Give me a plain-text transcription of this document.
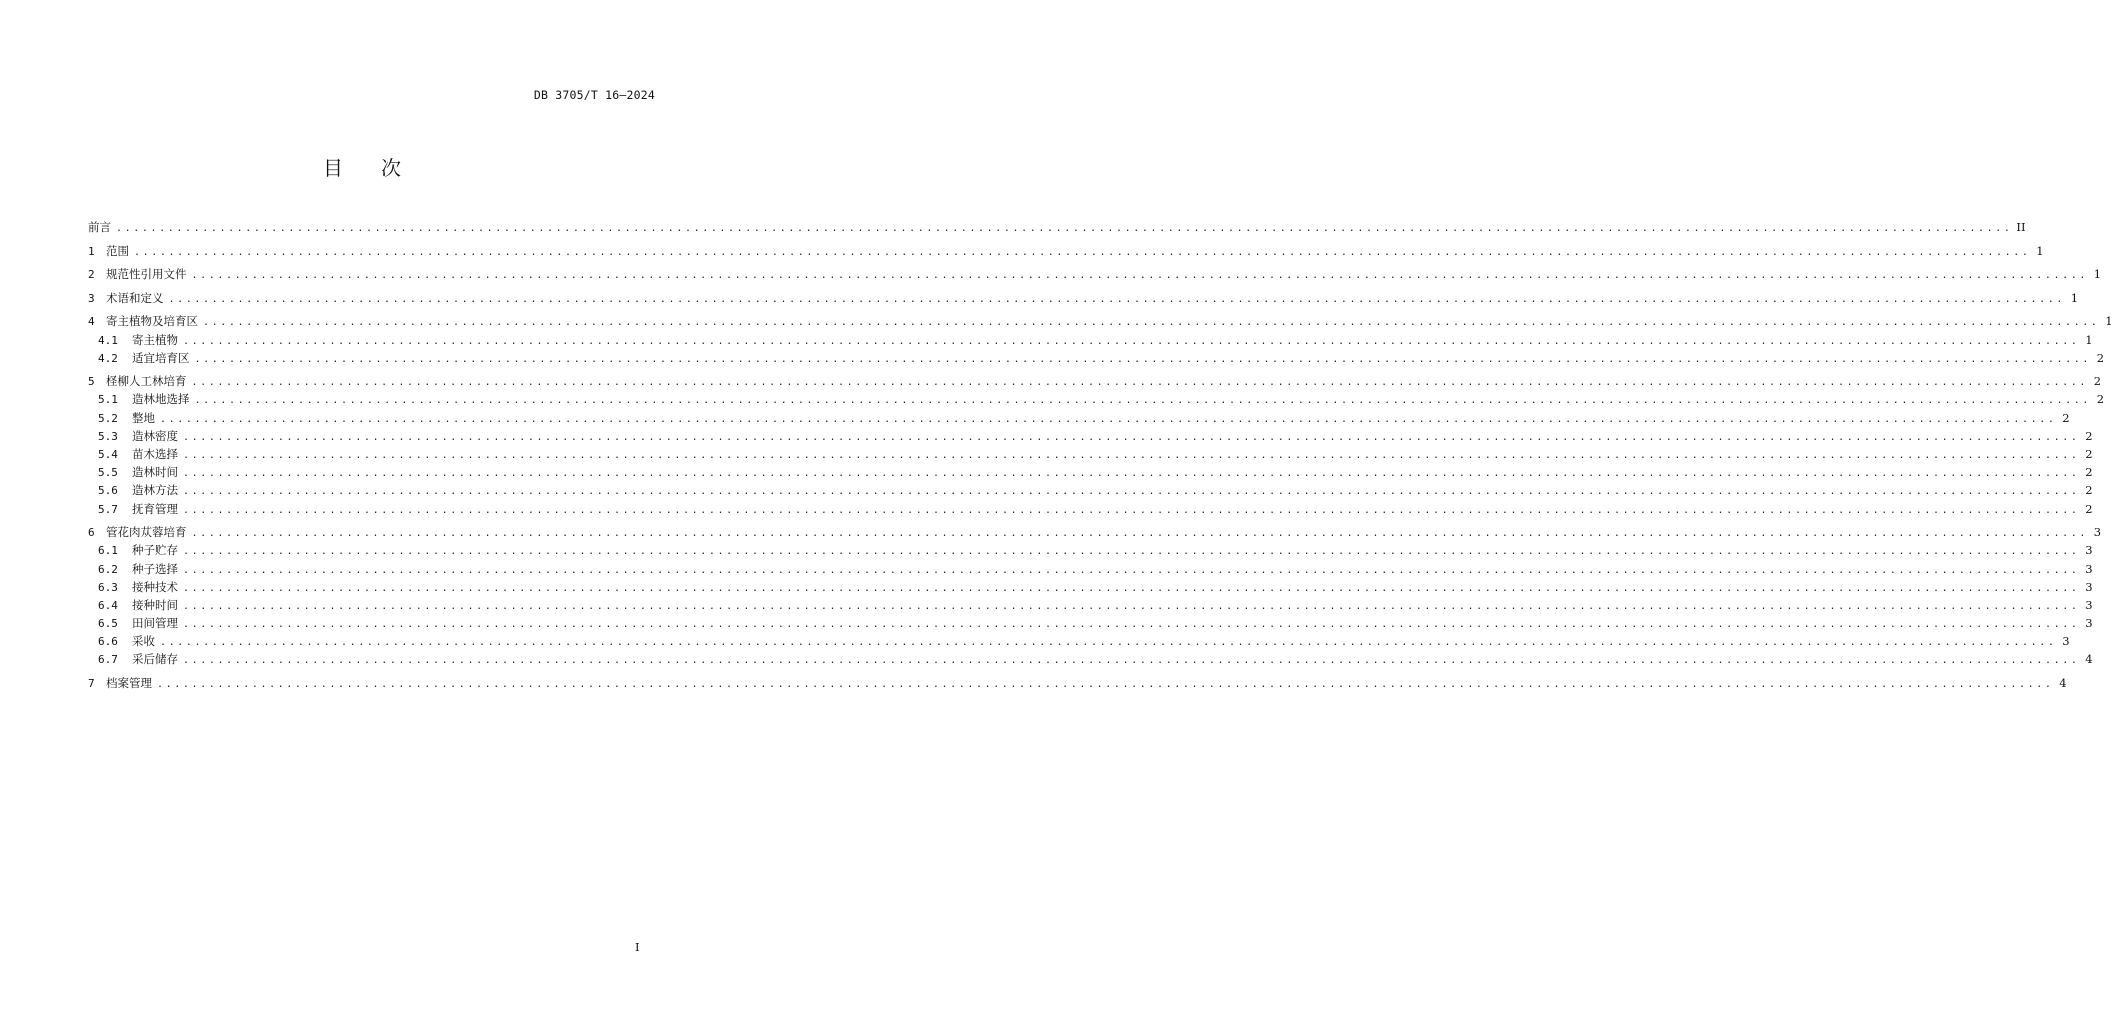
DB 3705/T 16—2024
目次
前言 ............................................................................................................................................................................................................................ II
1 范围 ............................................................................................................................................................................................................................ 1
2 规范性引用文件 ............................................................................................................................................................................................................................ 1
3 术语和定义 ............................................................................................................................................................................................................................ 1
4 寄主植物及培育区 ............................................................................................................................................................................................................................ 1
4.1	寄主植物 ............................................................................................................................................................................................................................ 1
4.2	适宜培育区 ............................................................................................................................................................................................................................ 2
5 柽柳人工林培育 ............................................................................................................................................................................................................................ 2
5.1	造林地选择 ............................................................................................................................................................................................................................ 2
5.2	整地 ............................................................................................................................................................................................................................ 2
5.3	造林密度 ............................................................................................................................................................................................................................ 2
5.4	苗木选择 ............................................................................................................................................................................................................................ 2
5.5	造林时间 ............................................................................................................................................................................................................................ 2
5.6	造林方法 ............................................................................................................................................................................................................................ 2
5.7	抚育管理 ............................................................................................................................................................................................................................ 2
6 管花肉苁蓉培育 ............................................................................................................................................................................................................................ 3
6.1	种子贮存 ............................................................................................................................................................................................................................ 3
6.2	种子选择 ............................................................................................................................................................................................................................ 3
6.3	接种技术 ............................................................................................................................................................................................................................ 3
6.4	接种时间 ............................................................................................................................................................................................................................ 3
6.5	田间管理 ............................................................................................................................................................................................................................ 3
6.6	采收 ............................................................................................................................................................................................................................ 3
6.7	采后储存 ............................................................................................................................................................................................................................ 4
7 档案管理 ............................................................................................................................................................................................................................ 4
I
